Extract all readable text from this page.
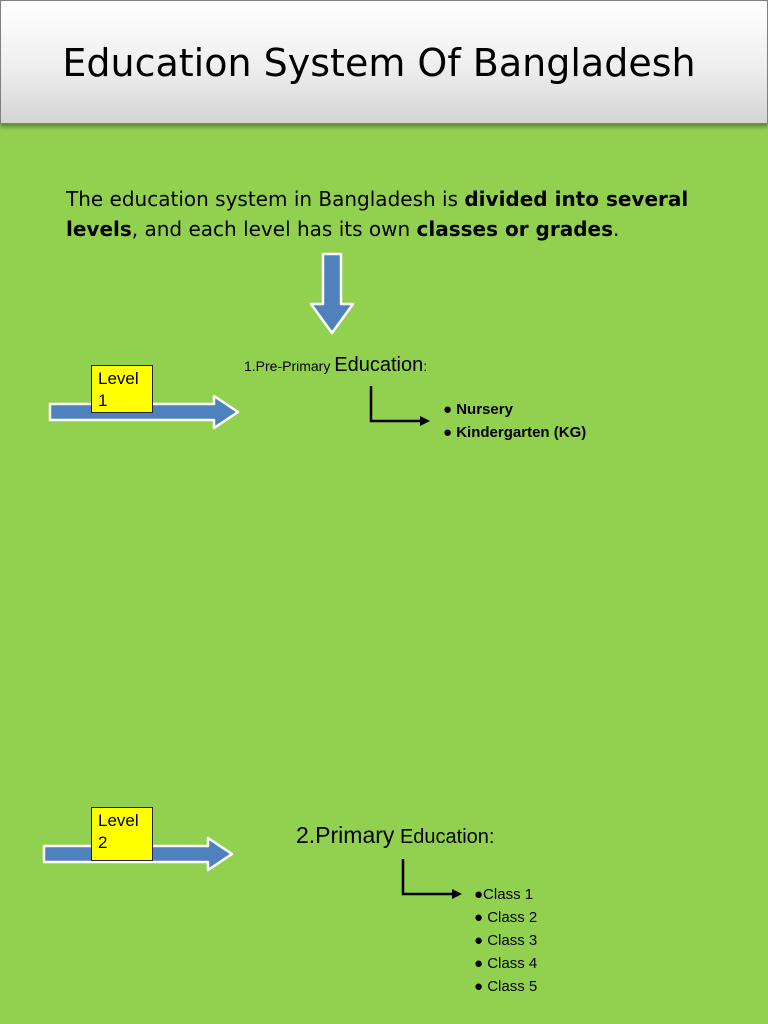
Education System Of Bangladesh
The education system in Bangladesh is divided into several levels, and each level has its own classes or grades.
Level
1
1.Pre-Primary Education:
● Nursery
● Kindergarten (KG)
Level
2	2.Primary Education:
●Class 1
● Class 2
● Class 3
● Class 4
● Class 5
